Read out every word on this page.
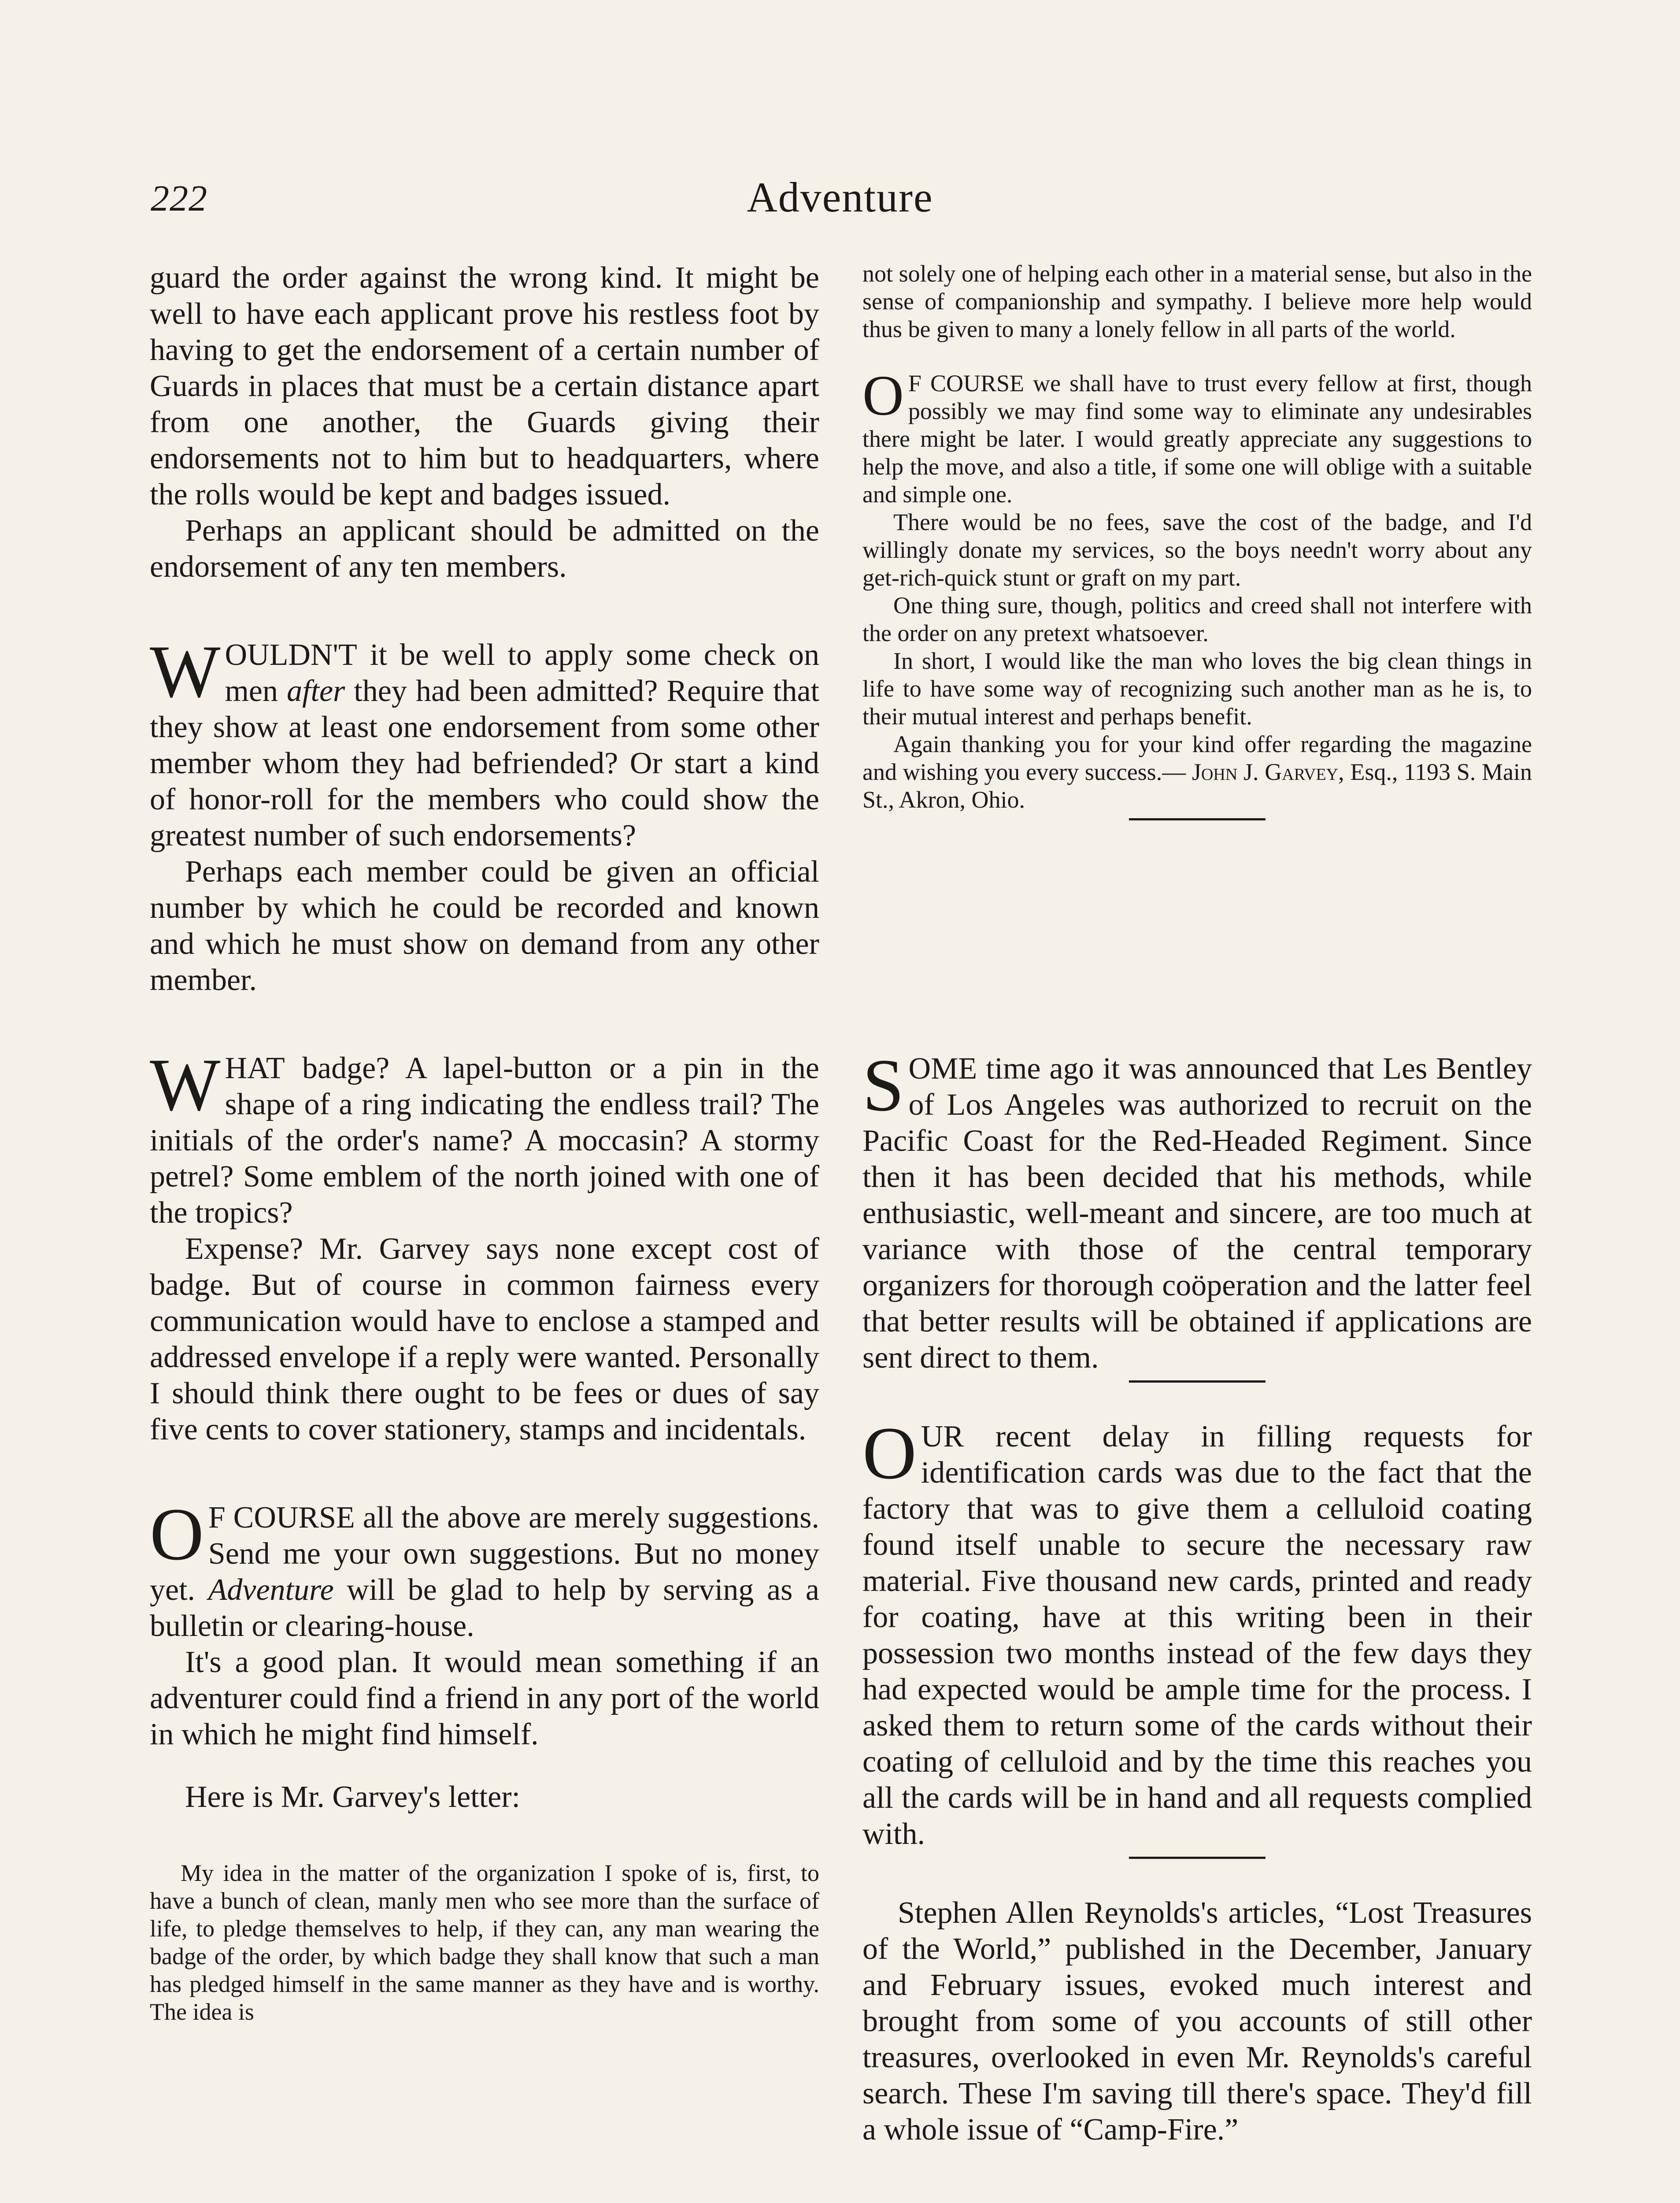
222	Adventure

guard the order against the wrong kind. It might be well to have each applicant prove his restless foot by having to get the endorsement of a certain number of Guards in places that must be a certain distance apart from one another, the Guards giving their endorsements not to him but to headquarters, where the rolls would be kept and badges issued.

Perhaps an applicant should be admitted on the endorsement of any ten members.

WOULDN'T it be well to apply some check on men after they had been admitted? Require that they show at least one endorsement from some other member whom they had befriended? Or start a kind of honor-roll for the members who could show the greatest number of such endorsements?

Perhaps each member could be given an official number by which he could be recorded and known and which he must show on demand from any other member.

WHAT badge? A lapel-button or a pin in the shape of a ring indicating the endless trail? The initials of the order's name? A moccasin? A stormy petrel? Some emblem of the north joined with one of the tropics?

Expense? Mr. Garvey says none except cost of badge. But of course in common fairness every communication would have to enclose a stamped and addressed envelope if a reply were wanted. Personally I should think there ought to be fees or dues of say five cents to cover stationery, stamps and incidentals.

O F COURSE all the above are merely suggestions. Send me your own suggestions. But no money yet. Adventure will be glad to help by serving as a bulletin or clearing-house.

It's a good plan. It would mean something if an adventurer could find a friend in any port of the world in which he might find himself.

Here is Mr. Garvey's letter:

My idea in the matter of the organization I spoke of is, first, to have a bunch of clean, manly men who see more than the surface of life, to pledge themselves to help, if they can, any man wearing the badge of the order, by which badge they shall know that such a man has pledged himself in the same manner as they have and is worthy. The idea is

not solely one of helping each other in a material sense, but also in the sense of companionship and sympathy. I believe more help would thus be given to many a lonely fellow in all parts of the world.

O F COURSE we shall have to trust every fellow at first, though possibly we may find some way to eliminate any undesirables there might be later. I would greatly appreciate any suggestions to help the move, and also a title, if some one will oblige with a suitable and simple one.

There would be no fees, save the cost of the badge, and I'd willingly donate my services, so the boys needn't worry about any get-rich-quick stunt or graft on my part.

One thing sure, though, politics and creed shall not interfere with the order on any pretext whatsoever.

In short, I would like the man who loves the big clean things in life to have some way of recognizing such another man as he is, to their mutual interest and perhaps benefit.

Again thanking you for your kind offer regarding the magazine and wishing you every success.— John J. Garvey, Esq., 1193 S. Main St., Akron, Ohio.

SOME time ago it was announced that Les Bentley of Los Angeles was authorized to recruit on the Pacific Coast for the Red-Headed Regiment. Since then it has been decided that his methods, while enthusiastic, well-meant and sincere, are too much at variance with those of the central temporary organizers for thorough coöperation and the latter feel that better results will be obtained if applications are sent direct to them.

OUR recent delay in filling requests for identification cards was due to the fact that the factory that was to give them a celluloid coating found itself unable to secure the necessary raw material. Five thousand new cards, printed and ready for coating, have at this writing been in their possession two months instead of the few days they had expected would be ample time for the process. I asked them to return some of the cards without their coating of celluloid and by the time this reaches you all the cards will be in hand and all requests complied with.

Stephen Allen Reynolds's articles, “Lost Treasures of the World,” published in the December, January and February issues, evoked much interest and brought from some of you accounts of still other treasures, overlooked in even Mr. Reynolds's careful search. These I'm saving till there's space. They'd fill a whole issue of “Camp-Fire.”
